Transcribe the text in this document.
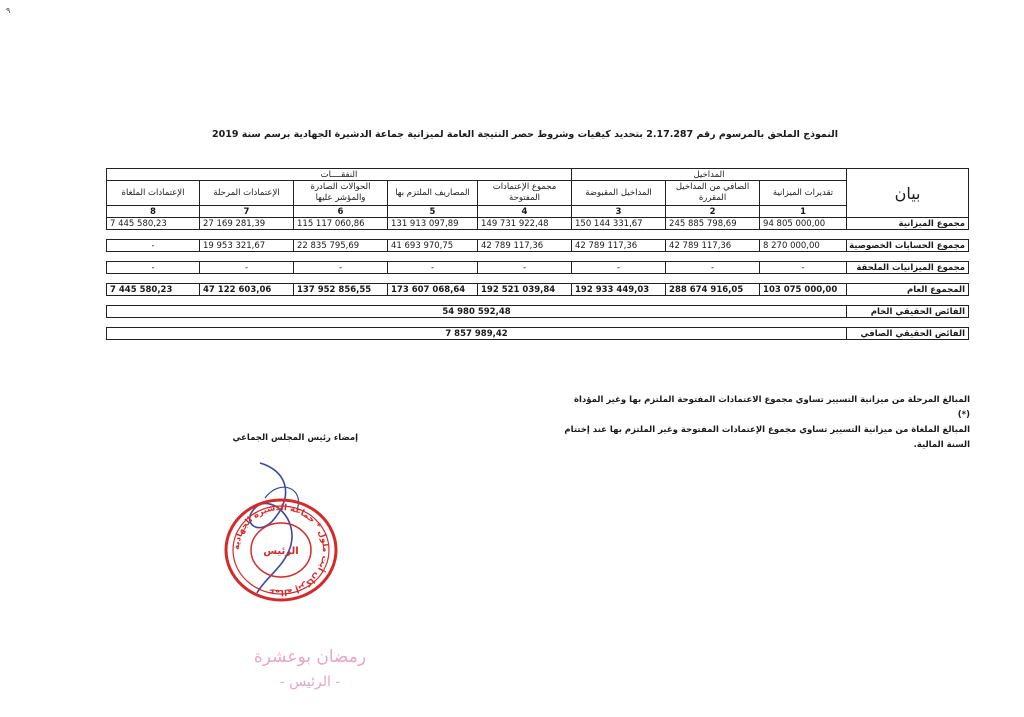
٩
النموذج الملحق بالمرسوم رقم 2.17.287 بتحديد كيفيات وشروط حصر النتيجة العامة لميزانية جماعة الدشيرة الجهادية برسم سنة 2019
بيان	المداخيل			النفقــــات				
	تقديرات الميزانية	الصافي من المداخيل المقررة	المداخيل المقبوضة	مجموع الإعتمادات المفتوحة	المصاريف الملتزم بها	الحوالات الصادرة والمؤشر عليها	الإعتمادات المرحلة	الإعتمادات الملغاة
	1	2	3	4	5	6	7	8
مجموع الميزانية	94 805 000,00	245 885 798,69	150 144 331,67	149 731 922,48	131 913 097,89	115 117 060,86	27 169 281,39	7 445 580,23

مجموع الحسابات الخصوصية	8 270 000,00	42 789 117,36	42 789 117,36	42 789 117,36	41 693 970,75	22 835 795,69	19 953 321,67	-

مجموع الميزانيات الملحقة	-	-	-	-	-	-	-	-

المجموع العام	103 075 000,00	288 674 916,05	192 933 449,03	192 521 039,84	173 607 068,64	137 952 856,55	47 122 603,06	7 445 580,23

الفائض الحقيقي الخام	54 980 592,48							

الفائض الحقيقي الصافي	7 857 989,42							
المبالغ المرحلة من ميزانية التسيير تساوي مجموع الاعتمادات المفتوحة الملتزم بها وغير المؤداة (*)
المبالغ الملغاة من ميزانية التسيير تساوي مجموع الإعتمادات المفتوحة وغير الملتزم بها عند إختتام السنة المالية.
إمضاء رئيس المجلس الجماعي
عمالة إنزكان أيت ملول * جماعة الدشيرة الجهادية
الرئيس
رمضان بوعشرة
- الرئيس -
